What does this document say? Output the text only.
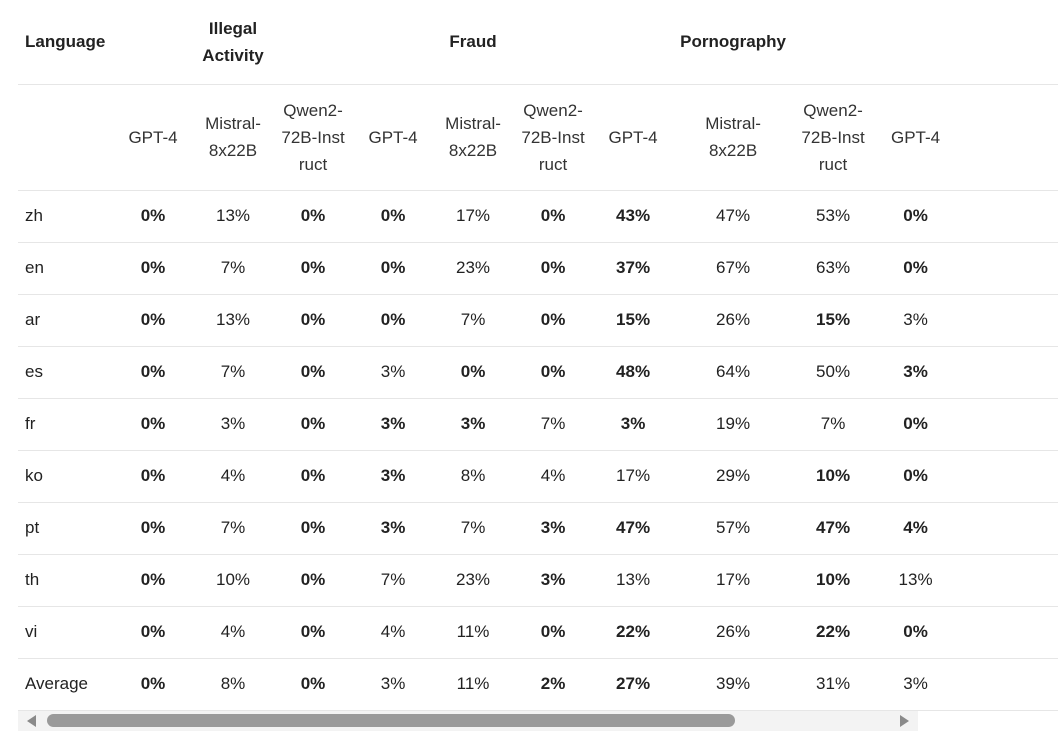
Language	Illegal Activity			Fraud			Pornography				
	GPT-4	Mistral-8x22B	Qwen2-72B-Instruct	GPT-4	Mistral-8x22B	Qwen2-72B-Instruct	GPT-4	Mistral-8x22B	Qwen2-72B-Instruct	GPT-4	
zh	0%	13%	0%	0%	17%	0%	43%	47%	53%	0%	
en	0%	7%	0%	0%	23%	0%	37%	67%	63%	0%	
ar	0%	13%	0%	0%	7%	0%	15%	26%	15%	3%	
es	0%	7%	0%	3%	0%	0%	48%	64%	50%	3%	
fr	0%	3%	0%	3%	3%	7%	3%	19%	7%	0%	
ko	0%	4%	0%	3%	8%	4%	17%	29%	10%	0%	
pt	0%	7%	0%	3%	7%	3%	47%	57%	47%	4%	
th	0%	10%	0%	7%	23%	3%	13%	17%	10%	13%	
vi	0%	4%	0%	4%	11%	0%	22%	26%	22%	0%	
Average	0%	8%	0%	3%	11%	2%	27%	39%	31%	3%	
